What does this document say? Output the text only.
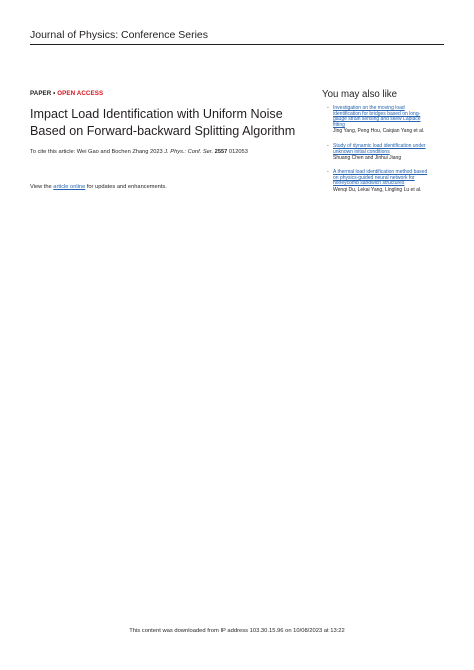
Journal of Physics: Conference Series
PAPER • OPEN ACCESS
Impact Load Identification with Uniform Noise
Based on Forward-backward Splitting Algorithm
To cite this article: Wei Gao and Bochen Zhang 2023 J. Phys.: Conf. Ser. 2557 012053
View the article online for updates and enhancements.
You may also like
- Investigation on the moving load
identification for bridges based on long-
gauge strain sensing and skew Laplace
fitting
Jing Yang, Peng Hou, Caiqian Yang et al.
- Study of dynamic load identification under
unknown initial conditions
Shuang Chen and Jinhui Jiang
- A thermal load identification method based
on physics-guided neural network for
honeycomb sandwich structures
Wenqi Du, Lekai Yang, Lingling Lu et al.
This content was downloaded from IP address 103.30.15.96 on 10/08/2023 at 13:22
